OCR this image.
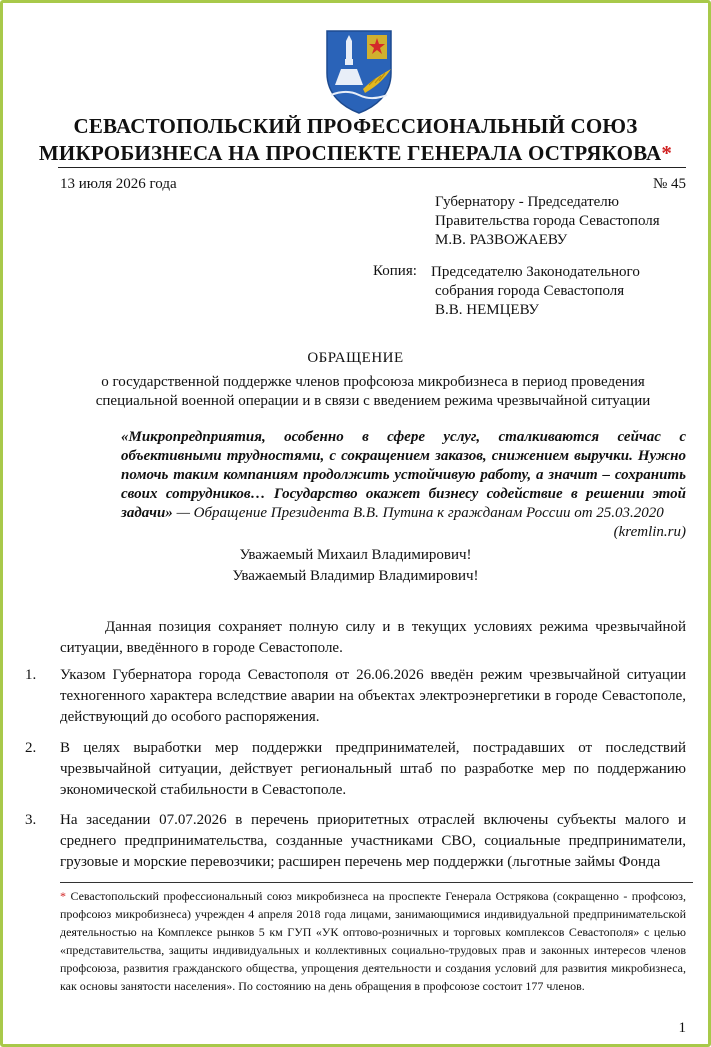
СЕВАСТОПОЛЬСКИЙ ПРОФЕССИОНАЛЬНЫЙ СОЮЗ
МИКРОБИЗНЕСА НА ПРОСПЕКТЕ ГЕНЕРАЛА ОСТРЯКОВА*
13 июля 2026 года	№ 45
Губернатору - Председателю
Правительства города Севастополя
М.В. РАЗВОЖАЕВУ
Копия: Председателю Законодательного
собрания города Севастополя
В.В. НЕМЦЕВУ
ОБРАЩЕНИЕ
о государственной поддержке членов профсоюза микробизнеса в период проведения специальной военной операции и в связи с введением режима чрезвычайной ситуации
«Микропредприятия, особенно в сфере услуг, сталкиваются сейчас с объективными трудностями, с сокращением заказов, снижением выручки. Нужно помочь таким компаниям продолжить устойчивую работу, а значит – сохранить своих сотрудников… Государство окажет бизнесу содействие в решении этой задачи» — Обращение Президента В.В. Путина к гражданам России от 25.03.2020
(kremlin.ru)
Уважаемый Михаил Владимирович!
Уважаемый Владимир Владимирович!
Данная позиция сохраняет полную силу и в текущих условиях режима чрезвычайной ситуации, введённого в городе Севастополе.
1. Указом Губернатора города Севастополя от 26.06.2026 введён режим чрезвычайной ситуации техногенного характера вследствие аварии на объектах электроэнергетики в городе Севастополе, действующий до особого распоряжения.
2. В целях выработки мер поддержки предпринимателей, пострадавших от последствий чрезвычайной ситуации, действует региональный штаб по разработке мер по поддержанию экономической стабильности в Севастополе.
3. На заседании 07.07.2026 в перечень приоритетных отраслей включены субъекты малого и среднего предпринимательства, созданные участниками СВО, социальные предприниматели, грузовые и морские перевозчики; расширен перечень мер поддержки (льготные займы Фонда
* Севастопольский профессиональный союз микробизнеса на проспекте Генерала Острякова (сокращенно - профсоюз, профсоюз микробизнеса) учрежден 4 апреля 2018 года лицами, занимающимися индивидуальной предпринимательской деятельностью на Комплексе рынков 5 км ГУП «УК оптово-розничных и торговых комплексов Севастополя» с целью «представительства, защиты индивидуальных и коллективных социально-трудовых прав и законных интересов членов профсоюза, развития гражданского общества, упрощения деятельности и создания условий для развития микробизнеса, как основы занятости населения». По состоянию на день обращения в профсоюзе состоит 177 членов.
1
